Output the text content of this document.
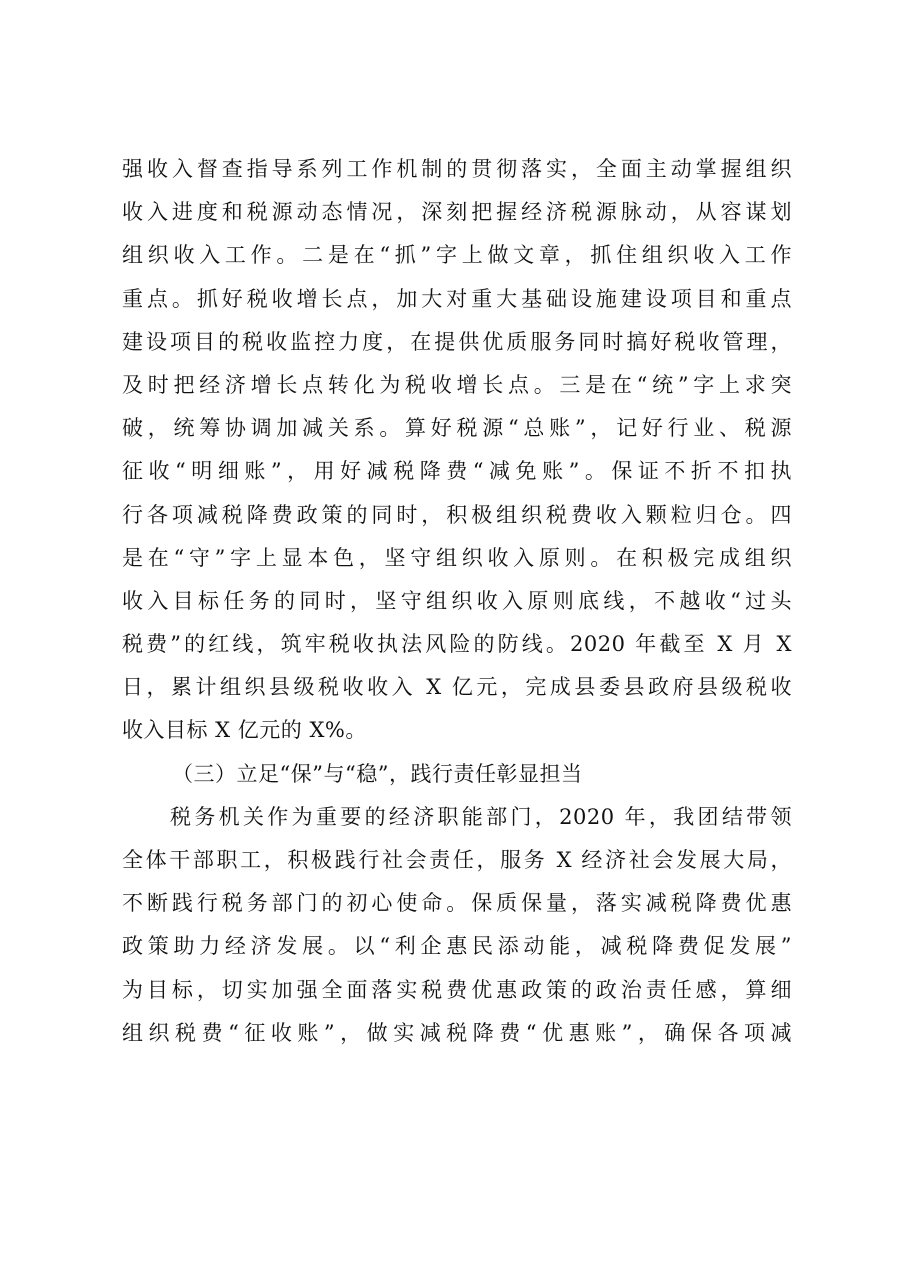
强收入督查指导系列工作机制的贯彻落实，全面主动掌握组织
收入进度和税源动态情况，深刻把握经济税源脉动，从容谋划
组织收入工作。二是在“抓”字上做文章，抓住组织收入工作
重点。抓好税收增长点，加大对重大基础设施建设项目和重点
建设项目的税收监控力度，在提供优质服务同时搞好税收管理，
及时把经济增长点转化为税收增长点。三是在“统”字上求突
破，统筹协调加减关系。算好税源“总账”，记好行业、税源
征收“明细账”，用好减税降费“减免账”。保证不折不扣执
行各项减税降费政策的同时，积极组织税费收入颗粒归仓。四
是在“守”字上显本色，坚守组织收入原则。在积极完成组织
收入目标任务的同时，坚守组织收入原则底线，不越收“过头
税费”的红线，筑牢税收执法风险的防线。2020 年截至 X 月 X
日，累计组织县级税收收入 X 亿元，完成县委县政府县级税收
收入目标 X 亿元的 X%。
（三）立足“保”与“稳”，践行责任彰显担当
税务机关作为重要的经济职能部门，2020 年，我团结带领
全体干部职工，积极践行社会责任，服务 X 经济社会发展大局，
不断践行税务部门的初心使命。保质保量，落实减税降费优惠
政策助力经济发展。以“利企惠民添动能，减税降费促发展”
为目标，切实加强全面落实税费优惠政策的政治责任感，算细
组织税费“征收账”，做实减税降费“优惠账”，确保各项减
